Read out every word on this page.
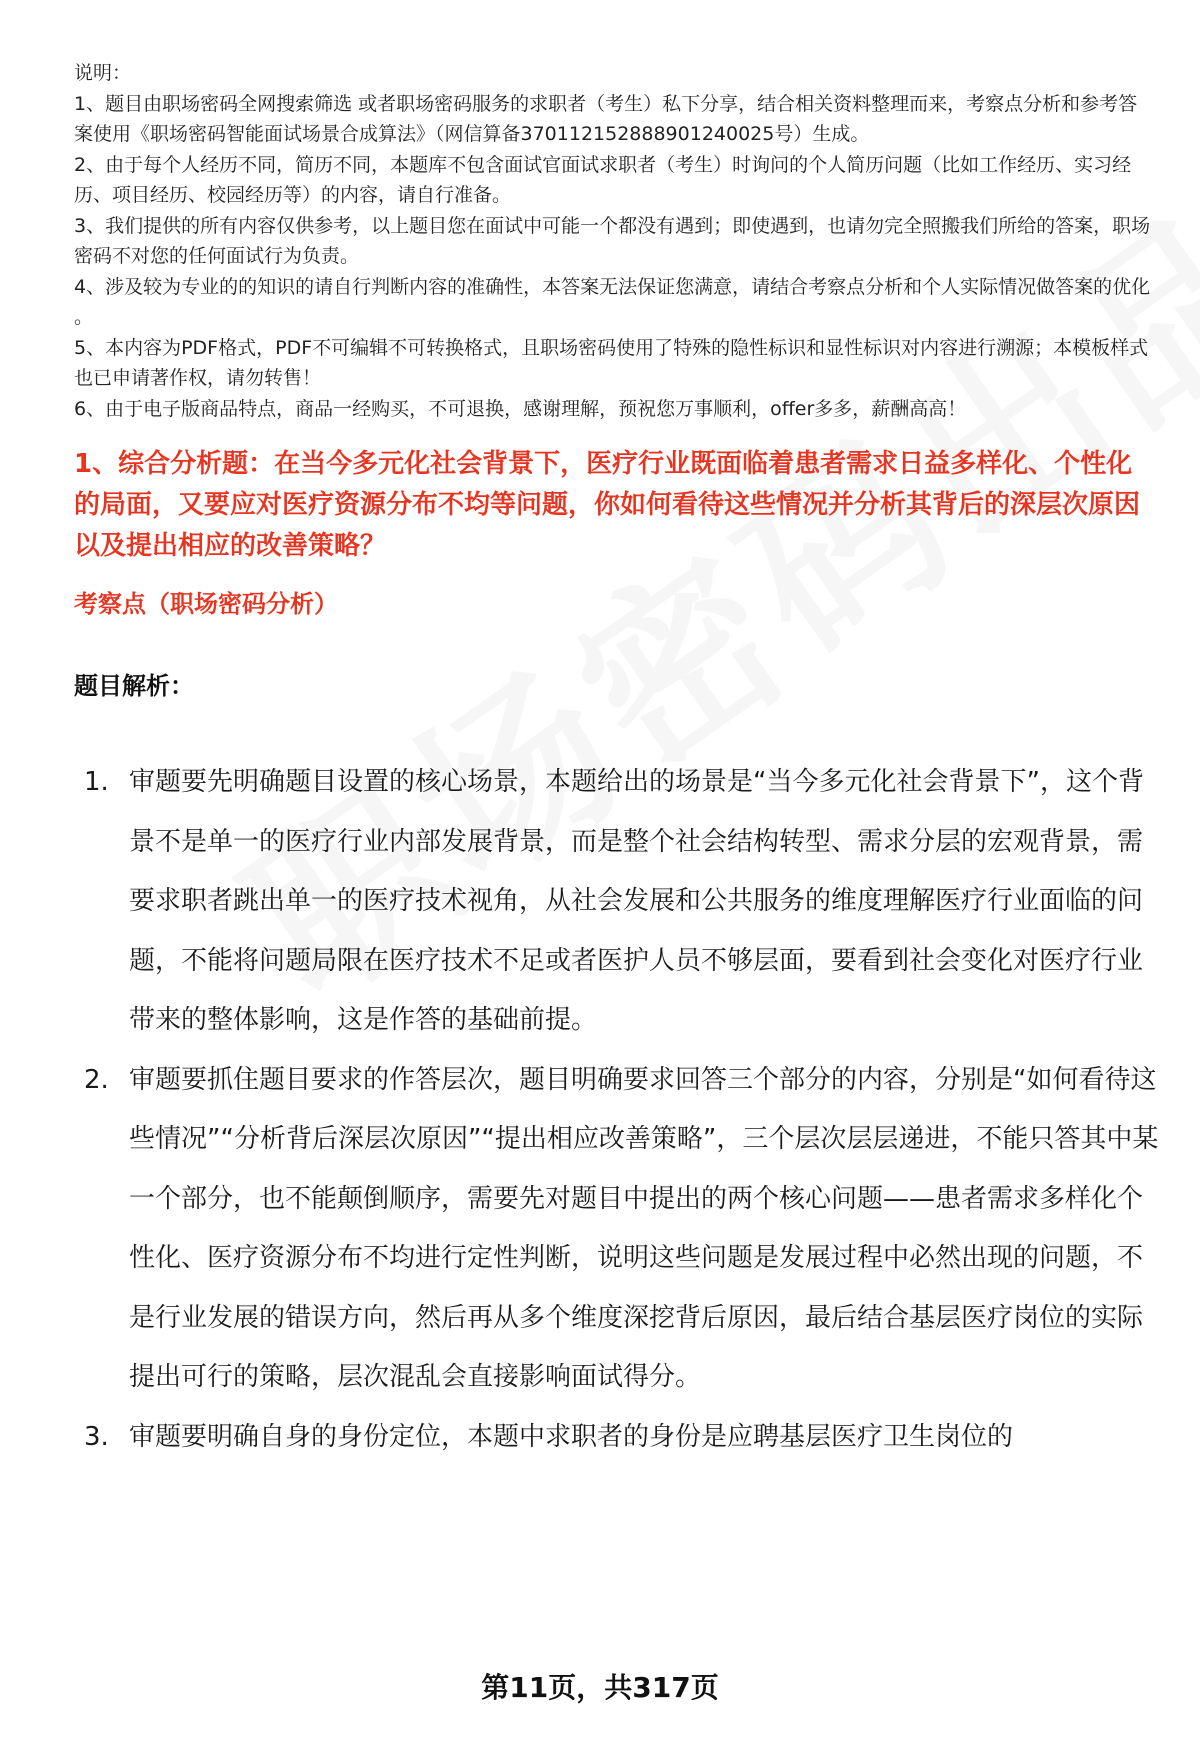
说明：

1、题目由职场密码全网搜索筛选 或者职场密码服务的求职者（考生）私下分享，结合相关资料整理而来，考察点分析和参考答案使用《职场密码智能面试场景合成算法》（网信算备370112152888901240025号）生成。

2、由于每个人经历不同，简历不同，本题库不包含面试官面试求职者（考生）时询问的个人简历问题（比如工作经历、实习经历、项目经历、校园经历等）的内容，请自行准备。

3、我们提供的所有内容仅供参考，以上题目您在面试中可能一个都没有遇到；即使遇到，也请勿完全照搬我们所给的答案，职场密码不对您的任何面试行为负责。

4、涉及较为专业的的知识的请自行判断内容的准确性，本答案无法保证您满意，请结合考察点分析和个人实际情况做答案的优化 。

5、本内容为PDF格式，PDF不可编辑不可转换格式，且职场密码使用了特殊的隐性标识和显性标识对内容进行溯源；本模板样式也已申请著作权，请勿转售！

6、由于电子版商品特点，商品一经购买，不可退换，感谢理解，预祝您万事顺利，offer多多，薪酬高高！

1、综合分析题：在当今多元化社会背景下，医疗行业既面临着患者需求日益多样化、个性化的局面，又要应对医疗资源分布不均等问题，你如何看待这些情况并分析其背后的深层次原因以及提出相应的改善策略？
考察点（职场密码分析）
题目解析：
1. 审题要先明确题目设置的核心场景，本题给出的场景是“当今多元化社会背景下”，这个背景不是单一的医疗行业内部发展背景，而是整个社会结构转型、需求分层的宏观背景，需要求职者跳出单一的医疗技术视角，从社会发展和公共服务的维度理解医疗行业面临的问题，不能将问题局限在医疗技术不足或者医护人员不够层面，要看到社会变化对医疗行业带来的整体影响，这是作答的基础前提。
2. 审题要抓住题目要求的作答层次，题目明确要求回答三个部分的内容，分别是“如何看待这些情况”“分析背后深层次原因”“提出相应改善策略”，三个层次层层递进，不能只答其中某一个部分，也不能颠倒顺序，需要先对题目中提出的两个核心问题——患者需求多样化个性化、医疗资源分布不均进行定性判断，说明这些问题是发展过程中必然出现的问题，不是行业发展的错误方向，然后再从多个维度深挖背后原因，最后结合基层医疗岗位的实际提出可行的策略，层次混乱会直接影响面试得分。
3. 审题要明确自身的身份定位，本题中求职者的身份是应聘基层医疗卫生岗位的
第11页，共317页
